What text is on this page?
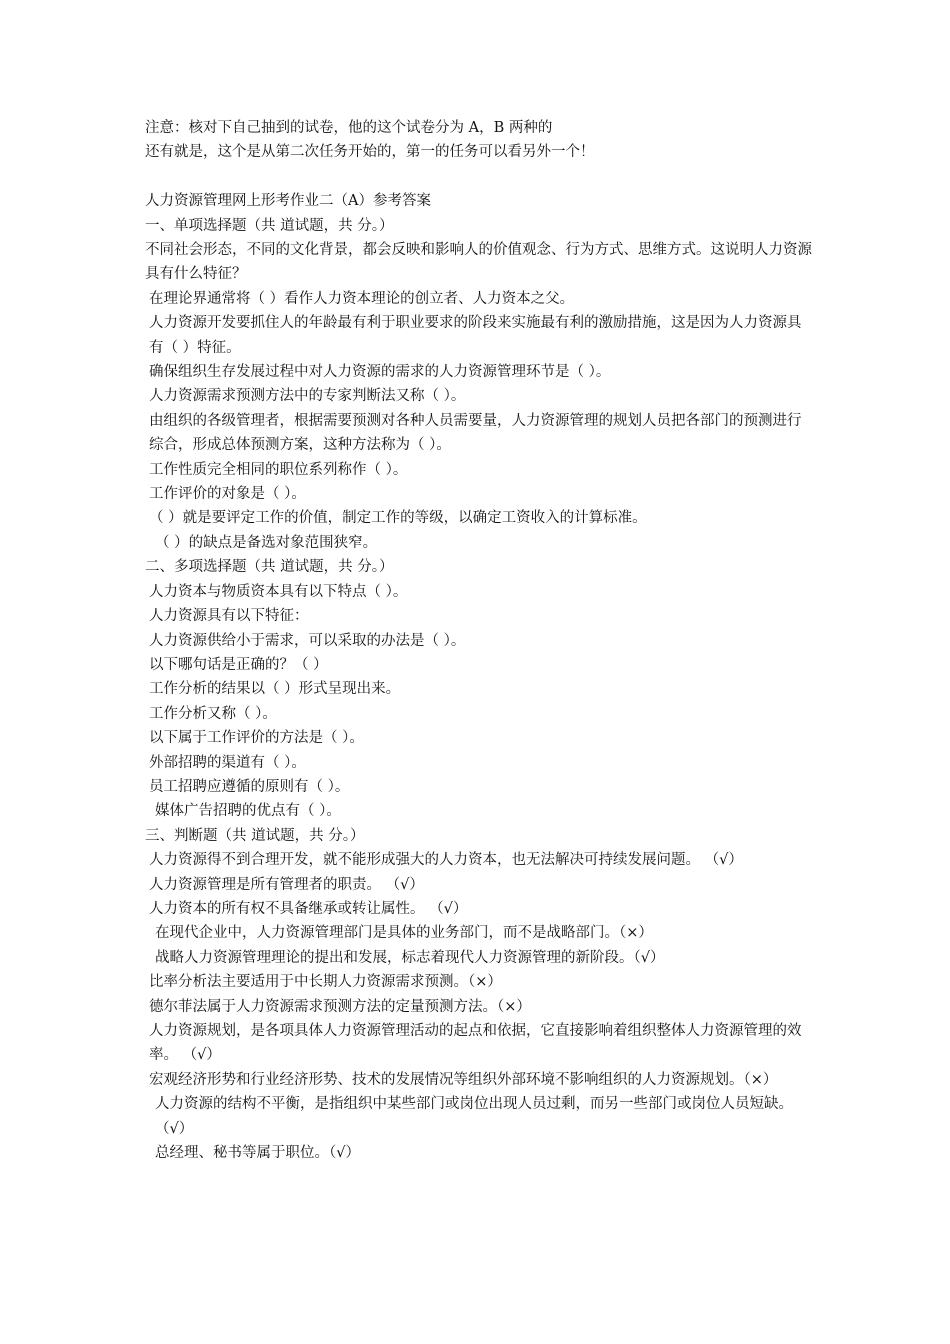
注意：核对下自己抽到的试卷，他的这个试卷分为 A，B 两种的
还有就是，这个是从第二次任务开始的，第一的任务可以看另外一个！
人力资源管理网上形考作业二（A）参考答案
一、单项选择题（共 道试题，共 分。）
不同社会形态，不同的文化背景，都会反映和影响人的价值观念、行为方式、思维方式。这说明人力资源具有什么特征？
在理论界通常将（ ）看作人力资本理论的创立者、人力资本之父。
人力资源开发要抓住人的年龄最有利于职业要求的阶段来实施最有利的激励措施，这是因为人力资源具有（ ）特征。
确保组织生存发展过程中对人力资源的需求的人力资源管理环节是（ ）。
人力资源需求预测方法中的专家判断法又称（ ）。
由组织的各级管理者，根据需要预测对各种人员需要量，人力资源管理的规划人员把各部门的预测进行综合，形成总体预测方案，这种方法称为（ ）。
工作性质完全相同的职位系列称作（ ）。
工作评价的对象是（ ）。
（ ）就是要评定工作的价值，制定工作的等级，以确定工资收入的计算标准。
（ ）的缺点是备选对象范围狭窄。
二、多项选择题（共 道试题，共 分。）
人力资本与物质资本具有以下特点（ ）。
人力资源具有以下特征：
人力资源供给小于需求，可以采取的办法是（ ）。
以下哪句话是正确的？（ ）
工作分析的结果以（ ）形式呈现出来。
工作分析又称（ ）。
以下属于工作评价的方法是（ ）。
外部招聘的渠道有（ ）。
员工招聘应遵循的原则有（ ）。
媒体广告招聘的优点有（ ）。
三、判断题（共 道试题，共 分。）
人力资源得不到合理开发，就不能形成强大的人力资本，也无法解决可持续发展问题。 （√）
人力资源管理是所有管理者的职责。 （√）
人力资本的所有权不具备继承或转让属性。 （√）
在现代企业中，人力资源管理部门是具体的业务部门，而不是战略部门。（×）
战略人力资源管理理论的提出和发展，标志着现代人力资源管理的新阶段。（√）
比率分析法主要适用于中长期人力资源需求预测。（×）
德尔菲法属于人力资源需求预测方法的定量预测方法。（×）
人力资源规划，是各项具体人力资源管理活动的起点和依据，它直接影响着组织整体人力资源管理的效率。 （√）
宏观经济形势和行业经济形势、技术的发展情况等组织外部环境不影响组织的人力资源规划。（×）
人力资源的结构不平衡，是指组织中某些部门或岗位出现人员过剩，而另一些部门或岗位人员短缺。 （√）
总经理、秘书等属于职位。（√）
